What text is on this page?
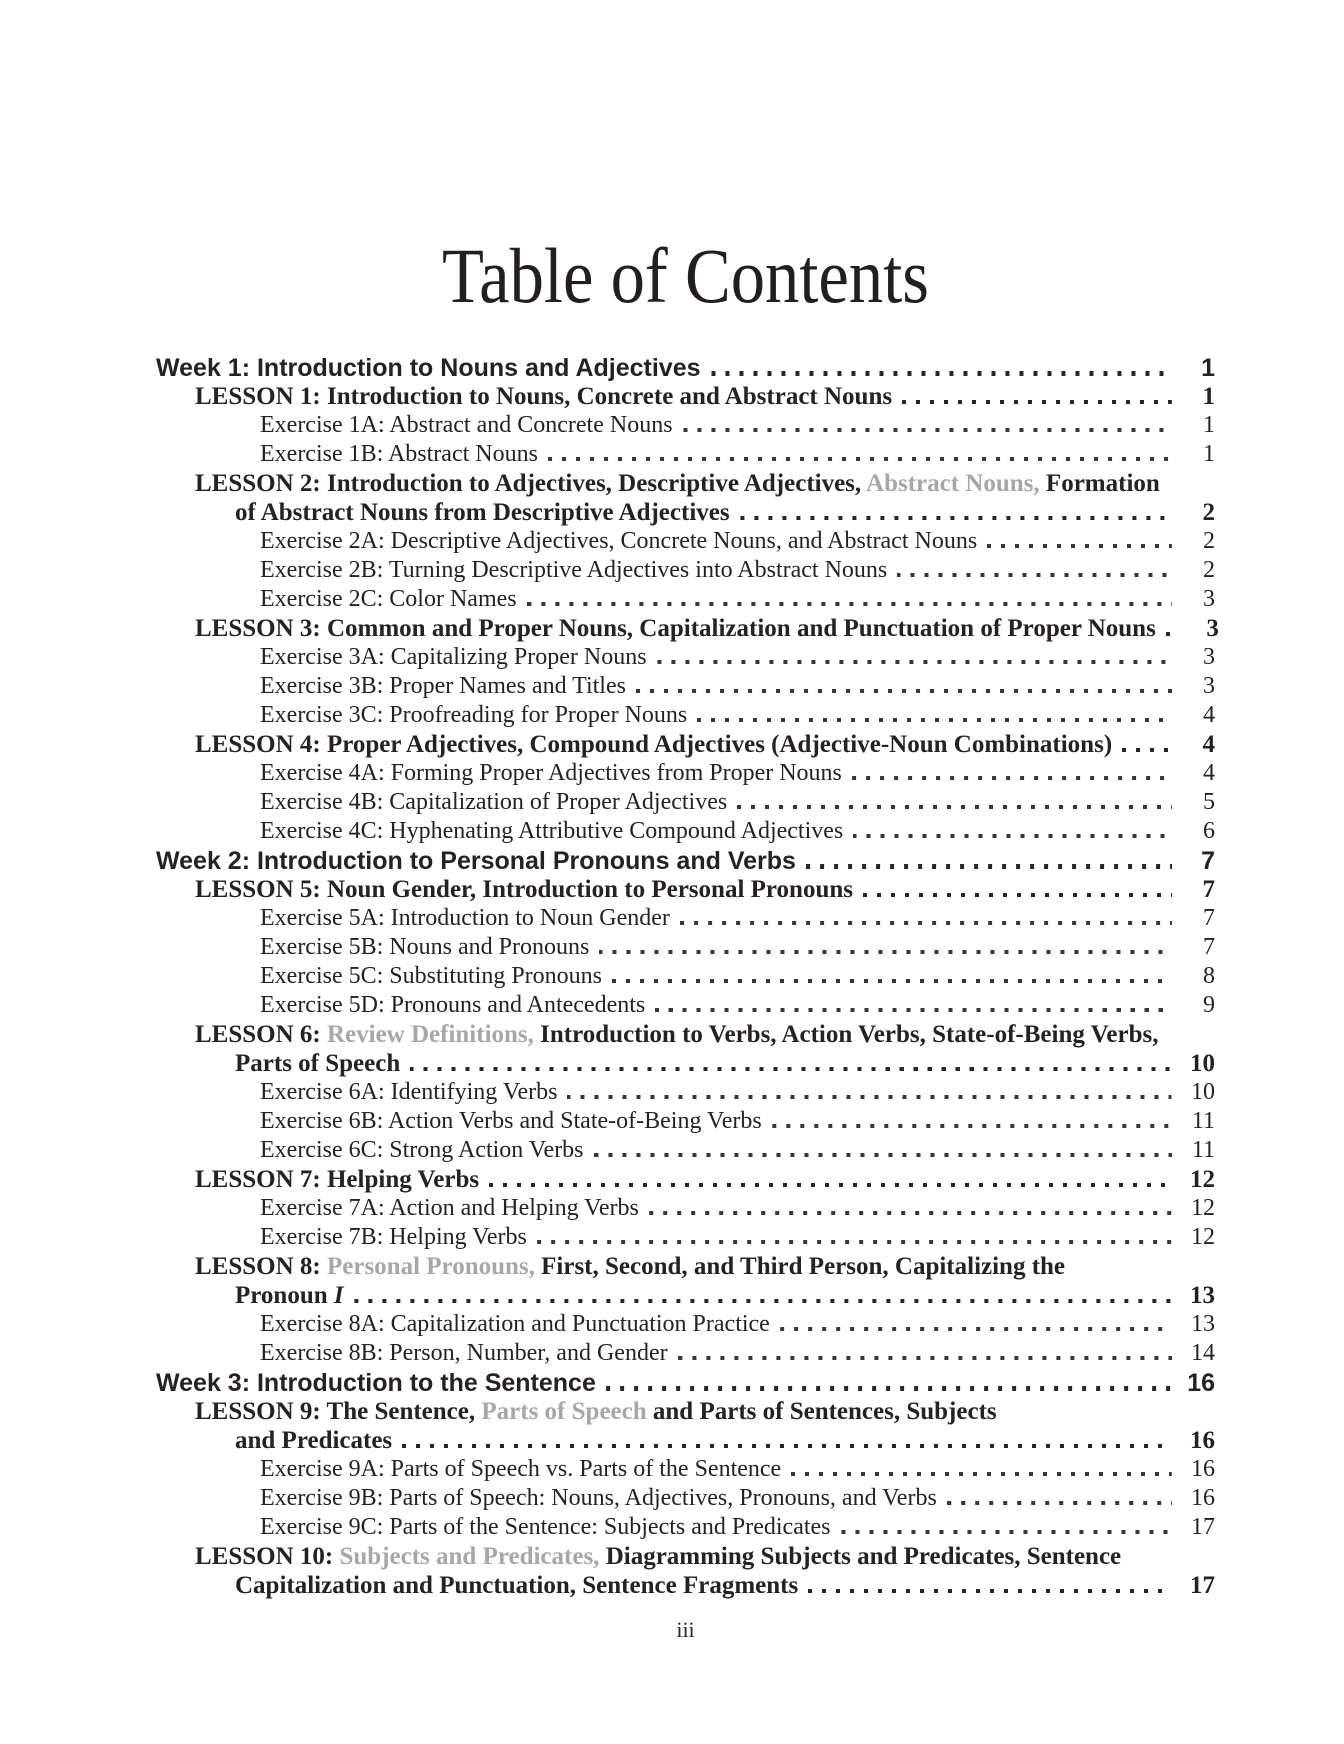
Table of Contents
Week 1: Introduction to Nouns and Adjectives	1
LESSON 1: Introduction to Nouns, Concrete and Abstract Nouns	1
Exercise 1A: Abstract and Concrete Nouns	1
Exercise 1B: Abstract Nouns	1
LESSON 2: Introduction to Adjectives, Descriptive Adjectives, Abstract Nouns, Formation
of Abstract Nouns from Descriptive Adjectives	2
Exercise 2A: Descriptive Adjectives, Concrete Nouns, and Abstract Nouns	2
Exercise 2B: Turning Descriptive Adjectives into Abstract Nouns	2
Exercise 2C: Color Names	3
LESSON 3: Common and Proper Nouns, Capitalization and Punctuation of Proper Nouns	3
Exercise 3A: Capitalizing Proper Nouns	3
Exercise 3B: Proper Names and Titles	3
Exercise 3C: Proofreading for Proper Nouns	4
LESSON 4: Proper Adjectives, Compound Adjectives (Adjective-Noun Combinations)	4
Exercise 4A: Forming Proper Adjectives from Proper Nouns	4
Exercise 4B: Capitalization of Proper Adjectives	5
Exercise 4C: Hyphenating Attributive Compound Adjectives	6
Week 2: Introduction to Personal Pronouns and Verbs	7
LESSON 5: Noun Gender, Introduction to Personal Pronouns	7
Exercise 5A: Introduction to Noun Gender	7
Exercise 5B: Nouns and Pronouns	7
Exercise 5C: Substituting Pronouns	8
Exercise 5D: Pronouns and Antecedents	9
LESSON 6: Review Definitions, Introduction to Verbs, Action Verbs, State-of-Being Verbs,
Parts of Speech	10
Exercise 6A: Identifying Verbs	10
Exercise 6B: Action Verbs and State-of-Being Verbs	11
Exercise 6C: Strong Action Verbs	11
LESSON 7: Helping Verbs	12
Exercise 7A: Action and Helping Verbs	12
Exercise 7B: Helping Verbs	12
LESSON 8: Personal Pronouns, First, Second, and Third Person, Capitalizing the
Pronoun I	13
Exercise 8A: Capitalization and Punctuation Practice	13
Exercise 8B: Person, Number, and Gender	14
Week 3: Introduction to the Sentence	16
LESSON 9: The Sentence, Parts of Speech and Parts of Sentences, Subjects
and Predicates	16
Exercise 9A: Parts of Speech vs. Parts of the Sentence	16
Exercise 9B: Parts of Speech: Nouns, Adjectives, Pronouns, and Verbs	16
Exercise 9C: Parts of the Sentence: Subjects and Predicates	17
LESSON 10: Subjects and Predicates, Diagramming Subjects and Predicates, Sentence
Capitalization and Punctuation, Sentence Fragments	17
iii
